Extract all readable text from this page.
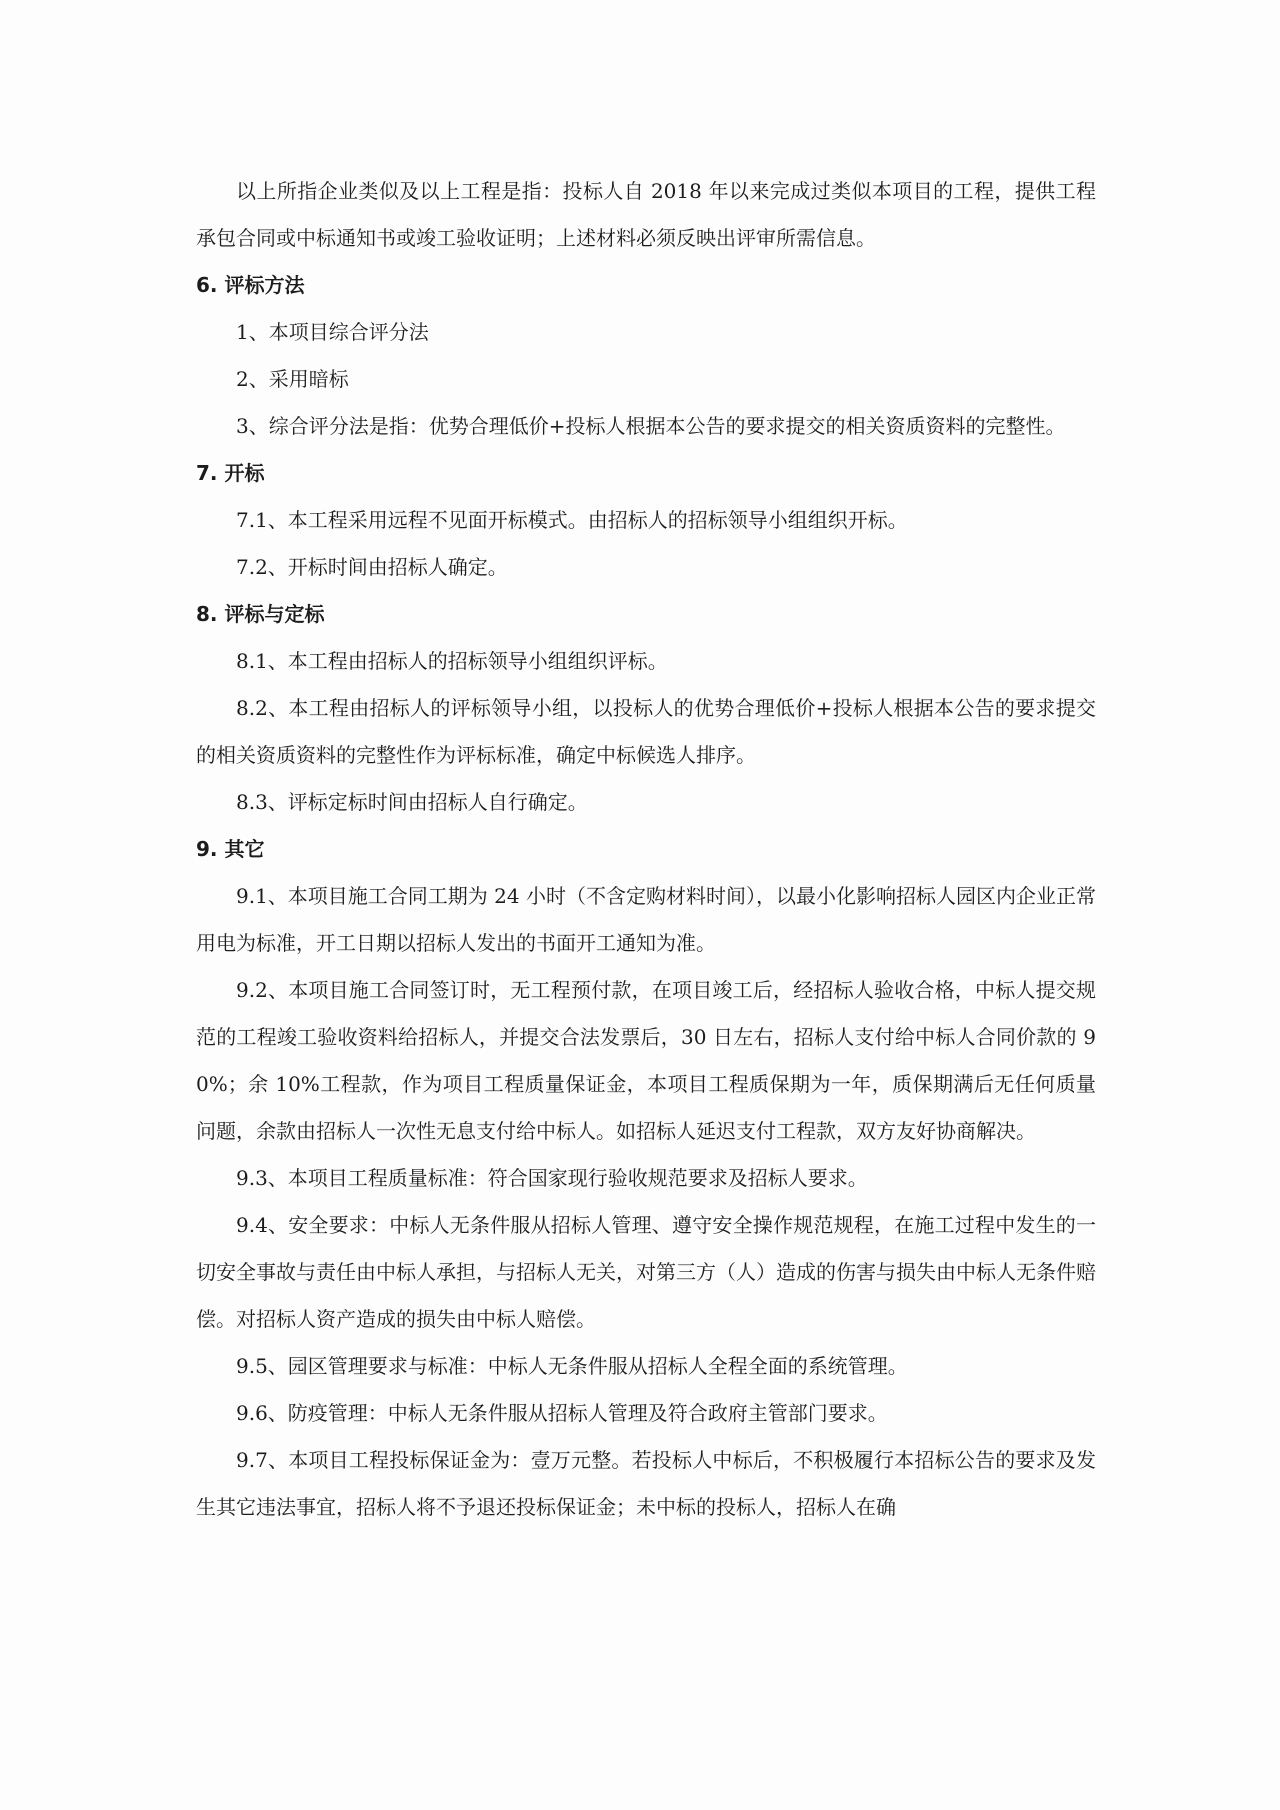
以上所指企业类似及以上工程是指：投标人自 2018 年以来完成过类似本项目的工程，提供工程承包合同或中标通知书或竣工验收证明；上述材料必须反映出评审所需信息。

6. 评标方法

1、本项目综合评分法

2、采用暗标

3、综合评分法是指：优势合理低价+投标人根据本公告的要求提交的相关资质资料的完整性。

7. 开标

7.1、本工程采用远程不见面开标模式。由招标人的招标领导小组组织开标。

7.2、开标时间由招标人确定。

8. 评标与定标

8.1、本工程由招标人的招标领导小组组织评标。

8.2、本工程由招标人的评标领导小组，以投标人的优势合理低价+投标人根据本公告的要求提交的相关资质资料的完整性作为评标标准，确定中标候选人排序。

8.3、评标定标时间由招标人自行确定。

9. 其它

9.1、本项目施工合同工期为 24 小时（不含定购材料时间），以最小化影响招标人园区内企业正常用电为标准，开工日期以招标人发出的书面开工通知为准。

9.2、本项目施工合同签订时，无工程预付款，在项目竣工后，经招标人验收合格，中标人提交规范的工程竣工验收资料给招标人，并提交合法发票后，30 日左右，招标人支付给中标人合同价款的 90%；余 10%工程款，作为项目工程质量保证金，本项目工程质保期为一年，质保期满后无任何质量问题，余款由招标人一次性无息支付给中标人。如招标人延迟支付工程款，双方友好协商解决。

9.3、本项目工程质量标准：符合国家现行验收规范要求及招标人要求。

9.4、安全要求：中标人无条件服从招标人管理、遵守安全操作规范规程，在施工过程中发生的一切安全事故与责任由中标人承担，与招标人无关，对第三方（人）造成的伤害与损失由中标人无条件赔偿。对招标人资产造成的损失由中标人赔偿。

9.5、园区管理要求与标准：中标人无条件服从招标人全程全面的系统管理。

9.6、防疫管理：中标人无条件服从招标人管理及符合政府主管部门要求。

9.7、本项目工程投标保证金为：壹万元整。若投标人中标后，不积极履行本招标公告的要求及发生其它违法事宜，招标人将不予退还投标保证金；未中标的投标人，招标人在确
